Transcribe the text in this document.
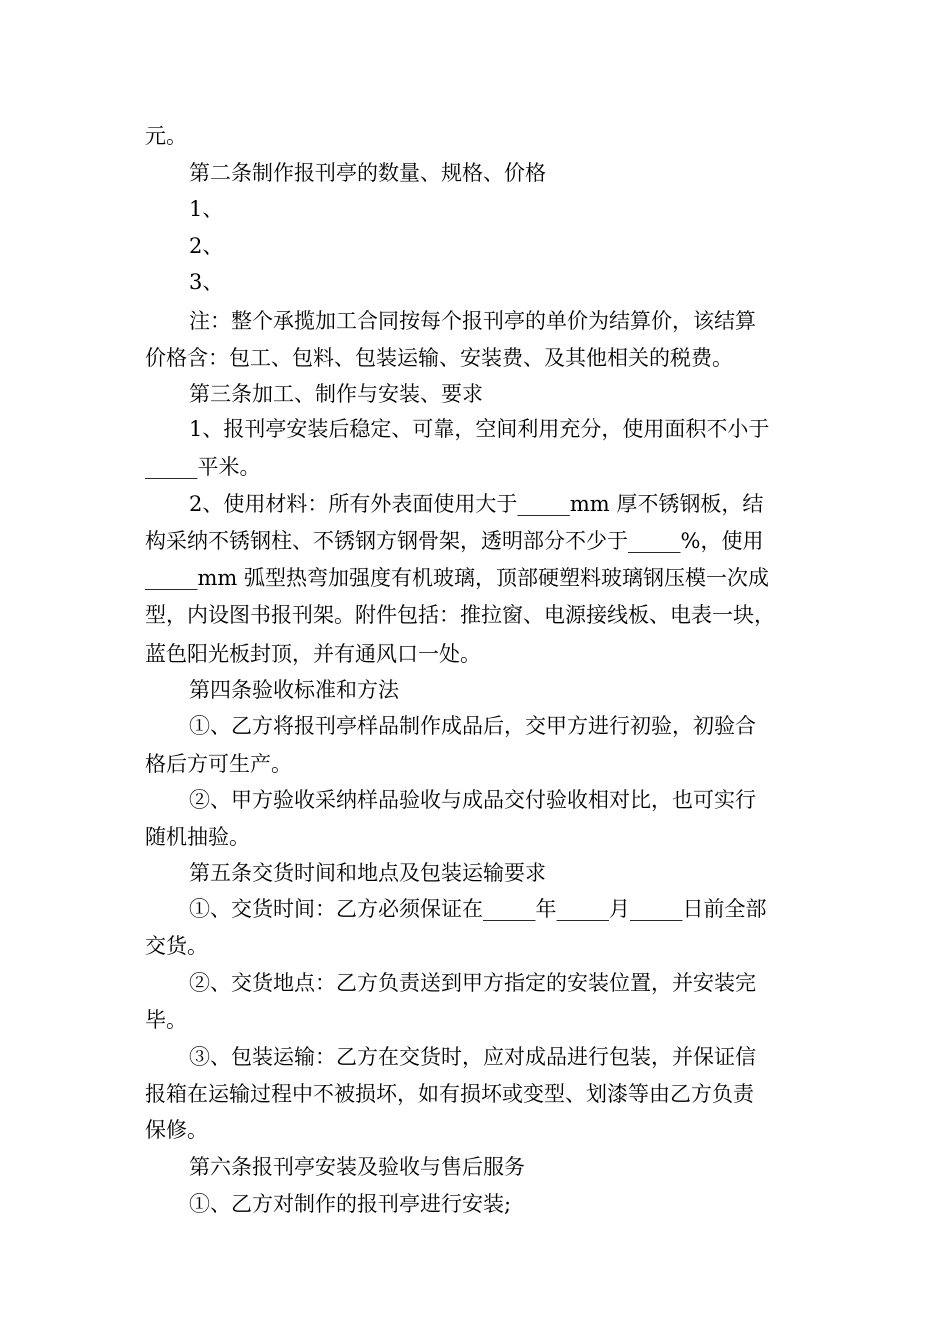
元。
第二条制作报刊亭的数量、规格、价格
1、
2、
3、
注：整个承揽加工合同按每个报刊亭的单价为结算价，该结算
价格含：包工、包料、包装运输、安装费、及其他相关的税费。
第三条加工、制作与安装、要求
1、报刊亭安装后稳定、可靠，空间利用充分，使用面积不小于
_____平米。
2、使用材料：所有外表面使用大于_____mm 厚不锈钢板，结
构采纳不锈钢柱、不锈钢方钢骨架，透明部分不少于_____%，使用
_____mm 弧型热弯加强度有机玻璃，顶部硬塑料玻璃钢压模一次成
型，内设图书报刊架。附件包括：推拉窗、电源接线板、电表一块，
蓝色阳光板封顶，并有通风口一处。
第四条验收标准和方法
①、乙方将报刊亭样品制作成品后，交甲方进行初验，初验合
格后方可生产。
②、甲方验收采纳样品验收与成品交付验收相对比，也可实行
随机抽验。
第五条交货时间和地点及包装运输要求
①、交货时间：乙方必须保证在_____年_____月_____日前全部
交货。
②、交货地点：乙方负责送到甲方指定的安装位置，并安装完
毕。
③、包装运输：乙方在交货时，应对成品进行包装，并保证信
报箱在运输过程中不被损坏，如有损坏或变型、划漆等由乙方负责
保修。
第六条报刊亭安装及验收与售后服务
①、乙方对制作的报刊亭进行安装;
